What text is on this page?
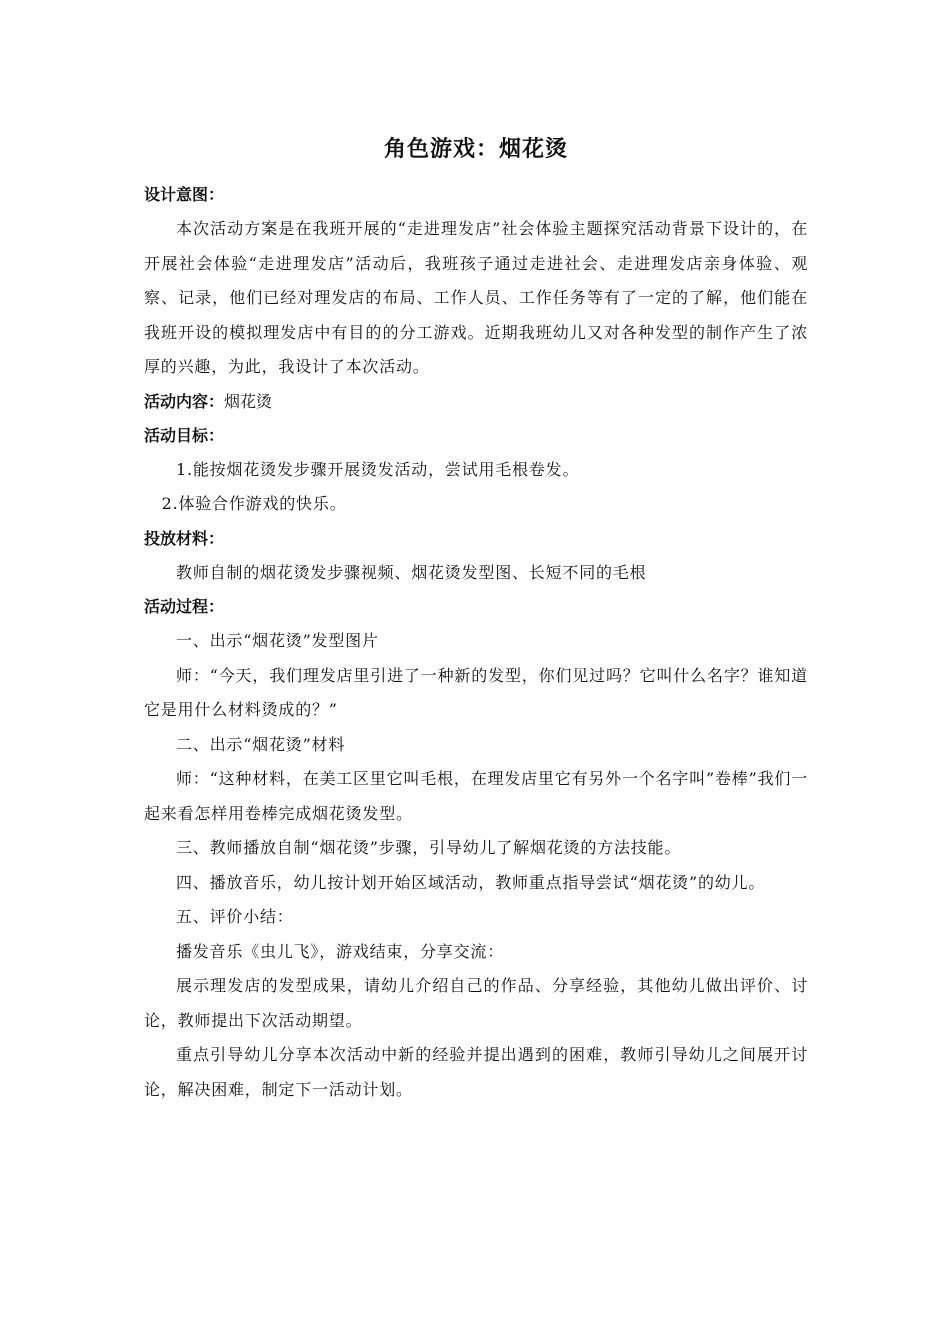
角色游戏：烟花烫

设计意图：

本次活动方案是在我班开展的“走进理发店”社会体验主题探究活动背景下设计的，在开展社会体验“走进理发店”活动后，我班孩子通过走进社会、走进理发店亲身体验、观察、记录，他们已经对理发店的布局、工作人员、工作任务等有了一定的了解，他们能在我班开设的模拟理发店中有目的的分工游戏。近期我班幼儿又对各种发型的制作产生了浓厚的兴趣，为此，我设计了本次活动。

活动内容：烟花烫

活动目标：

1.能按烟花烫发步骤开展烫发活动，尝试用毛根卷发。

2.体验合作游戏的快乐。

投放材料：

教师自制的烟花烫发步骤视频、烟花烫发型图、长短不同的毛根

活动过程：

一、出示“烟花烫”发型图片

师：“今天，我们理发店里引进了一种新的发型，你们见过吗？它叫什么名字？谁知道它是用什么材料烫成的？”

二、出示“烟花烫”材料

师：“这种材料，在美工区里它叫毛根，在理发店里它有另外一个名字叫”卷棒”我们一起来看怎样用卷棒完成烟花烫发型。

三、教师播放自制“烟花烫”步骤，引导幼儿了解烟花烫的方法技能。

四、播放音乐，幼儿按计划开始区域活动，教师重点指导尝试“烟花烫”的幼儿。

五、评价小结：

播发音乐《虫儿飞》，游戏结束，分享交流：

展示理发店的发型成果，请幼儿介绍自己的作品、分享经验，其他幼儿做出评价、讨论，教师提出下次活动期望。

重点引导幼儿分享本次活动中新的经验并提出遇到的困难，教师引导幼儿之间展开讨论，解决困难，制定下一活动计划。
